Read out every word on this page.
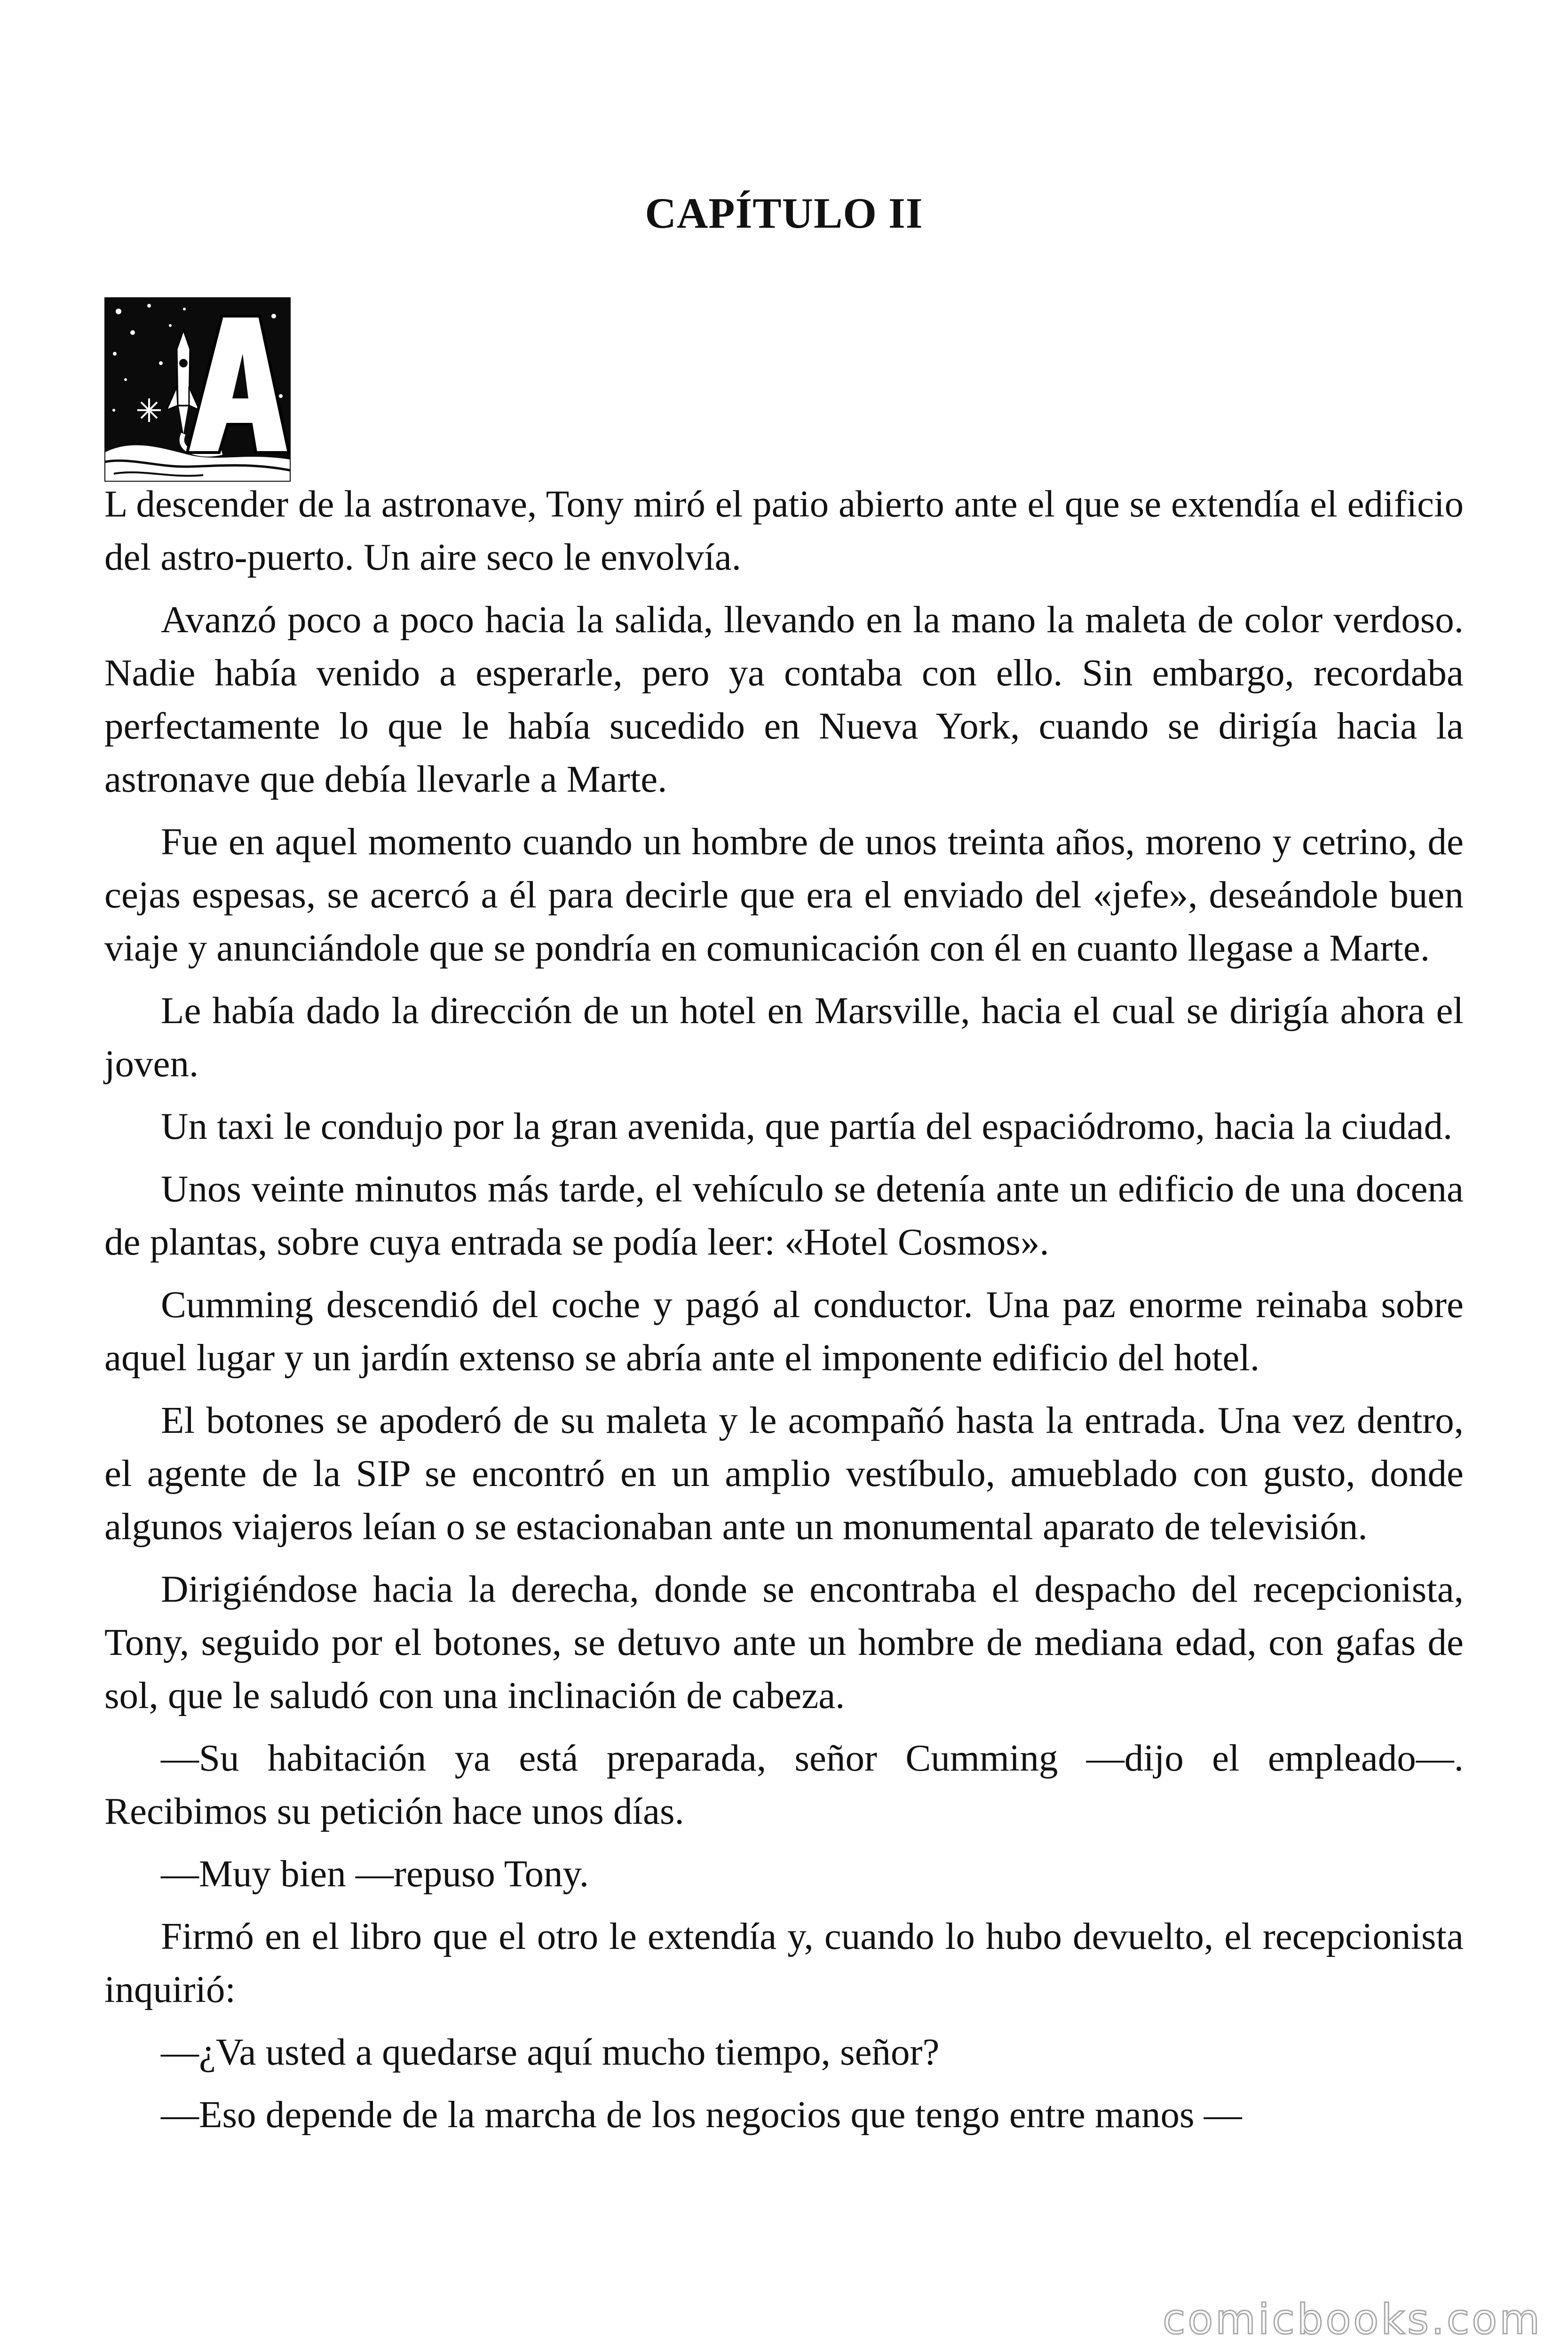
CAPÍTULO II

L descender de la astronave, Tony miró el patio abierto ante el que se extendía el edificio del astro-puerto. Un aire seco le envolvía.

Avanzó poco a poco hacia la salida, llevando en la mano la maleta de color verdoso. Nadie había venido a esperarle, pero ya contaba con ello. Sin embargo, recordaba perfectamente lo que le había sucedido en Nueva York, cuando se dirigía hacia la astronave que debía llevarle a Marte.

Fue en aquel momento cuando un hombre de unos treinta años, moreno y cetrino, de cejas espesas, se acercó a él para decirle que era el enviado del «jefe», deseándole buen viaje y anunciándole que se pondría en comunicación con él en cuanto llegase a Marte.

Le había dado la dirección de un hotel en Marsville, hacia el cual se dirigía ahora el joven.

Un taxi le condujo por la gran avenida, que partía del espaciódromo, hacia la ciudad.

Unos veinte minutos más tarde, el vehículo se detenía ante un edificio de una docena de plantas, sobre cuya entrada se podía leer: «Hotel Cosmos».

Cumming descendió del coche y pagó al conductor. Una paz enorme reinaba sobre aquel lugar y un jardín extenso se abría ante el imponente edificio del hotel.

El botones se apoderó de su maleta y le acompañó hasta la entrada. Una vez dentro, el agente de la SIP se encontró en un amplio vestíbulo, amueblado con gusto, donde algunos viajeros leían o se estacionaban ante un monumental aparato de televisión.

Dirigiéndose hacia la derecha, donde se encontraba el despacho del recepcionista, Tony, seguido por el botones, se detuvo ante un hombre de mediana edad, con gafas de sol, que le saludó con una inclinación de cabeza.

—Su habitación ya está preparada, señor Cumming —dijo el empleado—. Recibimos su petición hace unos días.

—Muy bien —repuso Tony.

Firmó en el libro que el otro le extendía y, cuando lo hubo devuelto, el recepcionista inquirió:

—¿Va usted a quedarse aquí mucho tiempo, señor?

—Eso depende de la marcha de los negocios que tengo entre manos —

comicbooks.com
